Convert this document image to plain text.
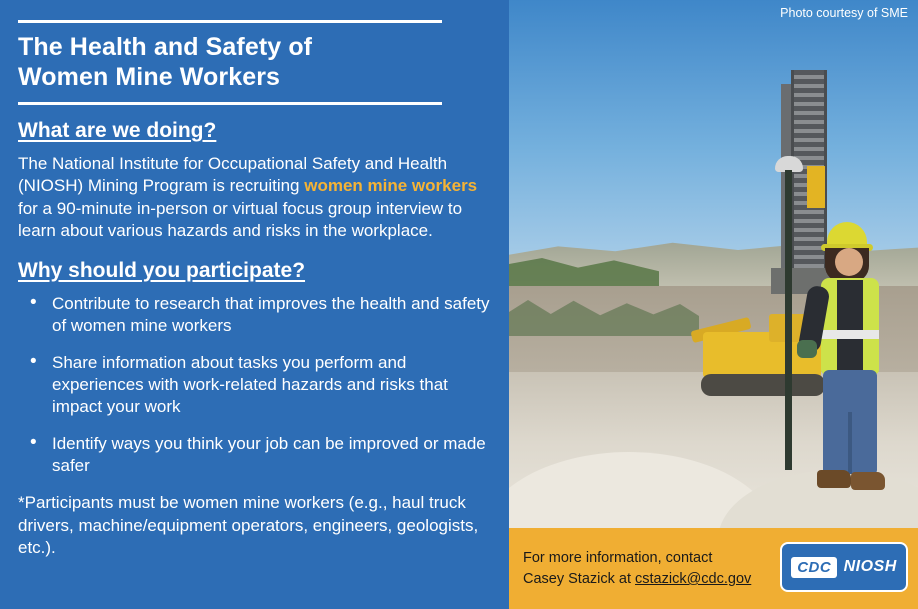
The Health and Safety of
Women Mine Workers
What are we doing?

The National Institute for Occupational Safety and Health (NIOSH) Mining Program is recruiting women mine workers for a 90-minute in-person or virtual focus group interview to learn about various hazards and risks in the workplace.

Why should you participate?
• Contribute to research that improves the health and safety of women mine workers
• Share information about tasks you perform and experiences with work-related hazards and risks that impact your work
• Identify ways you think your job can be improved or made safer

*Participants must be women mine workers (e.g., haul truck drivers, machine/equipment operators, engineers, geologists, etc.).

Photo courtesy of SME
For more information, contact
Casey Stazick at cstazick@cdc.gov
CDC NIOSH
